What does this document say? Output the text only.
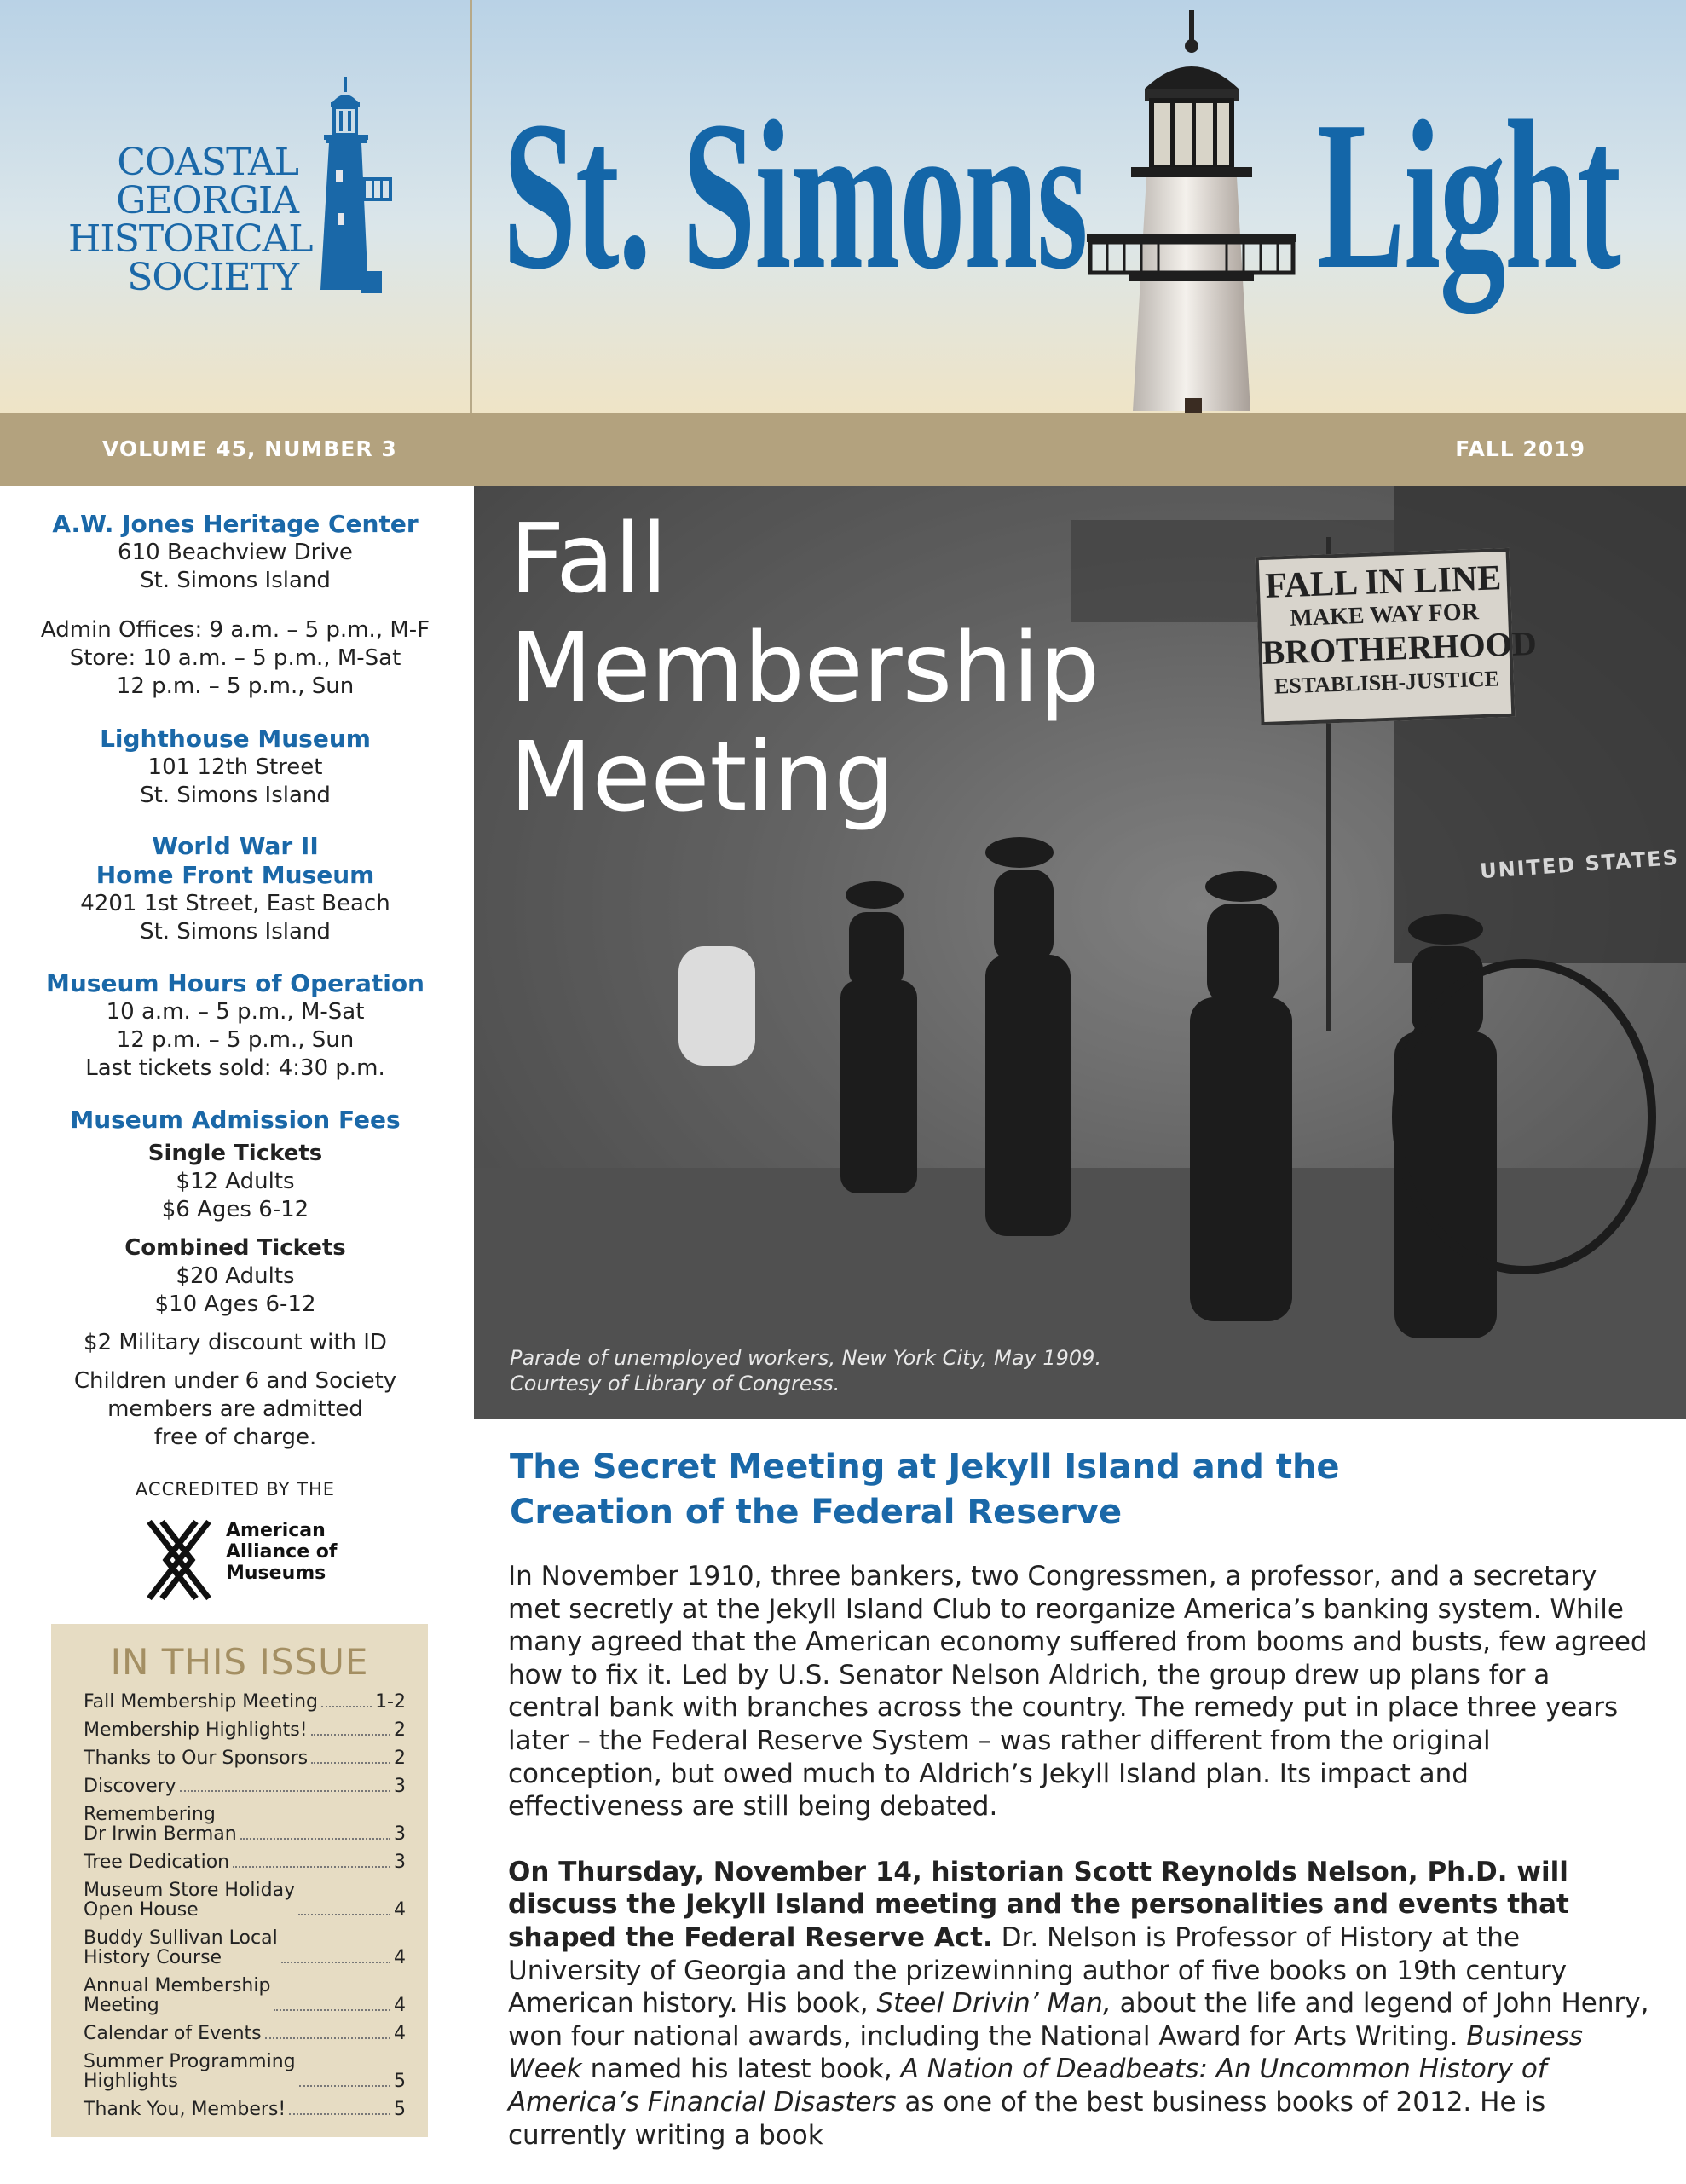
COASTAL
GEORGIA
HISTORICAL
SOCIETY St. Simons Light
VOLUME 45, NUMBER 3	FALL 2019
A.W. Jones Heritage Center
610 Beachview Drive
St. Simons Island
Admin Offices: 9 a.m. – 5 p.m., M-F
Store: 10 a.m. – 5 p.m., M-Sat
12 p.m. – 5 p.m., Sun
Lighthouse Museum
101 12th Street
St. Simons Island
World War II
Home Front Museum
4201 1st Street, East Beach
St. Simons Island
Museum Hours of Operation
10 a.m. – 5 p.m., M-Sat
12 p.m. – 5 p.m., Sun
Last tickets sold: 4:30 p.m.
Museum Admission Fees
Single Tickets
$12 Adults
$6 Ages 6-12
Combined Tickets
$20 Adults
$10 Ages 6-12
$2 Military discount with ID
Children under 6 and Society
members are admitted
free of charge.
ACCREDITED BY THE
American
Alliance of
Museums
IN THIS ISSUE
Fall Membership Meeting	1-2
Membership Highlights!	2
Thanks to Our Sponsors	2
Discovery	3
Remembering
Dr Irwin Berman	3
Tree Dedication	3
Museum Store Holiday
Open House	4
Buddy Sullivan Local
History Course	4
Annual Membership
Meeting	4
Calendar of Events	4
Summer Programming
Highlights	5
Thank You, Members!	5
FALL IN LINE
MAKE WAY FOR
BROTHERHOOD
ESTABLISH-JUSTICE
UNITED STATES
Fall
Membership
Meeting
Parade of unemployed workers, New York City, May 1909.
Courtesy of Library of Congress.
The Secret Meeting at Jekyll Island and the
Creation of the Federal Reserve

In November 1910, three bankers, two Congressmen, a professor, and a secretary met secretly at the Jekyll Island Club to reorganize America’s banking system. While many agreed that the American economy suffered from booms and busts, few agreed how to fix it. Led by U.S. Senator Nelson Aldrich, the group drew up plans for a central bank with branches across the country. The remedy put in place three years later – the Federal Reserve System – was rather different from the original conception, but owed much to Aldrich’s Jekyll Island plan. Its impact and effectiveness are still being debated.

On Thursday, November 14, historian Scott Reynolds Nelson, Ph.D. will discuss the Jekyll Island meeting and the personalities and events that shaped the Federal Reserve Act. Dr. Nelson is Professor of History at the University of Georgia and the prizewinning author of five books on 19th century American history. His book, Steel Drivin’ Man, about the life and legend of John Henry, won four national awards, including the National Award for Arts Writing. Business Week named his latest book, A Nation of Deadbeats: An Uncommon History of America’s Financial Disasters as one of the best business books of 2012. He is currently writing a book
